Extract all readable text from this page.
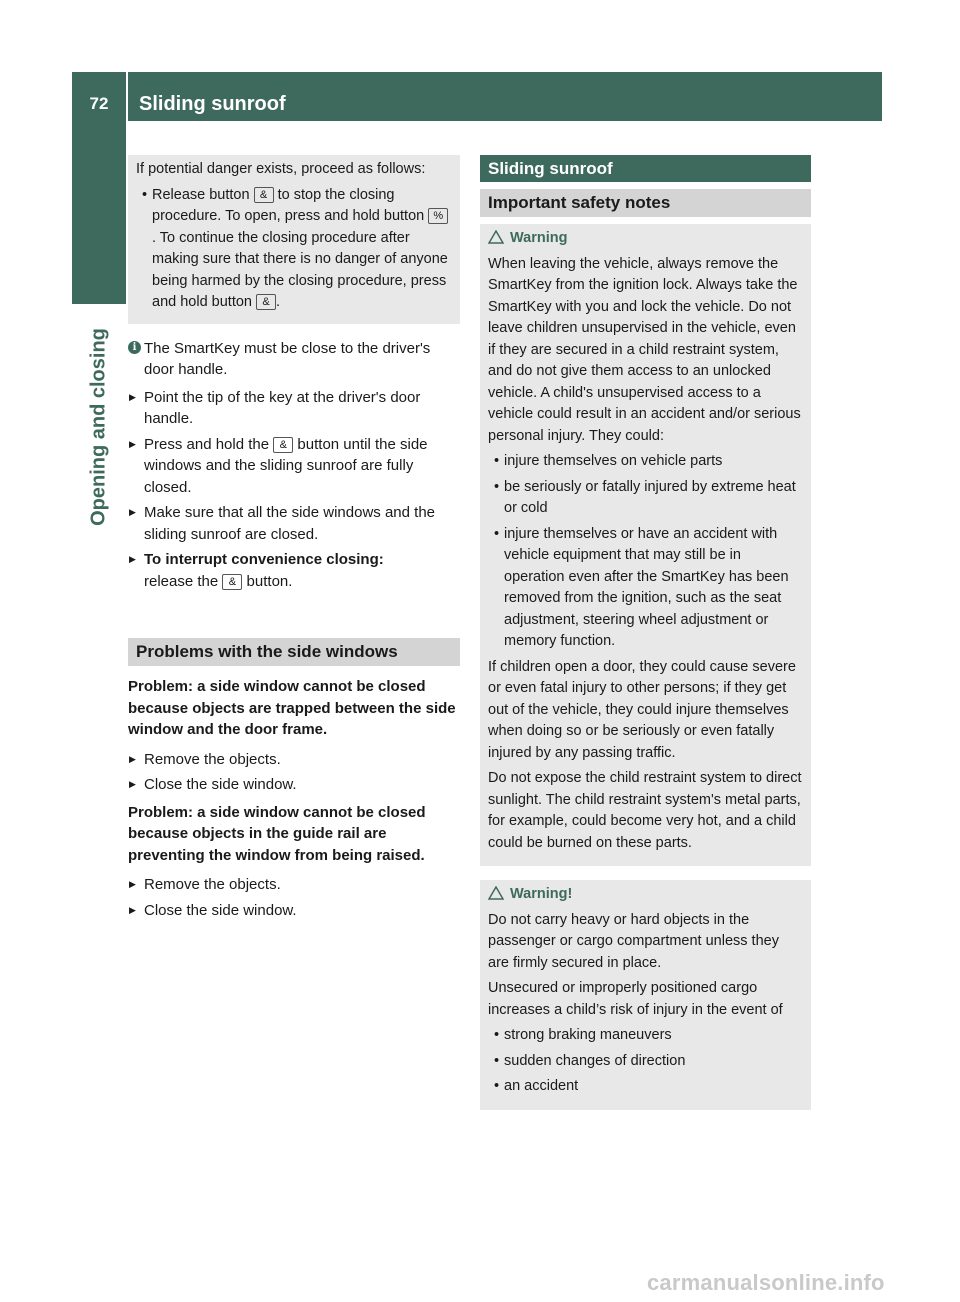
72	Sliding sunroof
Opening and closing

If potential danger exists, proceed as follows:

• Release button & to stop the closing procedure. To open, press and hold button %. To continue the closing procedure after making sure that there is no danger of anyone being harmed by the closing procedure, press and hold button & .
i The SmartKey must be close to the driver's door handle.
▶ Point the tip of the key at the driver's door handle.
▶ Press and hold the & button until the side windows and the sliding sunroof are fully closed.
▶ Make sure that all the side windows and the sliding sunroof are closed.
▶ To interrupt convenience closing:
release the & button.
Problems with the side windows

Problem: a side window cannot be closed because objects are trapped between the side window and the door frame.

▶ Remove the objects.
▶ Close the side window.

Problem: a side window cannot be closed because objects in the guide rail are preventing the window from being raised.

▶ Remove the objects.
▶ Close the side window.
Sliding sunroof
Important safety notes
Warning

When leaving the vehicle, always remove the SmartKey from the ignition lock. Always take the SmartKey with you and lock the vehicle. Do not leave children unsupervised in the vehicle, even if they are secured in a child restraint system, and do not give them access to an unlocked vehicle. A child's unsupervised access to a vehicle could result in an accident and/or serious personal injury. They could:

• injure themselves on vehicle parts
• be seriously or fatally injured by extreme heat or cold
• injure themselves or have an accident with vehicle equipment that may still be in operation even after the SmartKey has been removed from the ignition, such as the seat adjustment, steering wheel adjustment or memory function.

If children open a door, they could cause severe or even fatal injury to other persons; if they get out of the vehicle, they could injure themselves when doing so or be seriously or even fatally injured by any passing traffic.

Do not expose the child restraint system to direct sunlight. The child restraint system's metal parts, for example, could become very hot, and a child could be burned on these parts.

Warning!

Do not carry heavy or hard objects in the passenger or cargo compartment unless they are firmly secured in place.

Unsecured or improperly positioned cargo increases a child’s risk of injury in the event of

• strong braking maneuvers
• sudden changes of direction
• an accident
carmanualsonline.info
